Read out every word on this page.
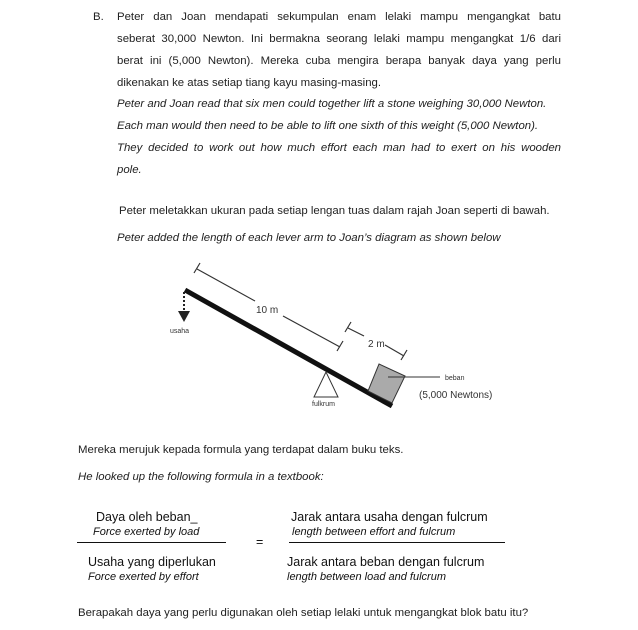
B. Peter dan Joan mendapati sekumpulan enam lelaki mampu mengangkat batu
seberat 30,000 Newton. Ini bermakna seorang lelaki mampu mengangkat 1/6 dari
berat ini (5,000 Newton). Mereka cuba mengira berapa banyak daya yang perlu
dikenakan ke atas setiap tiang kayu masing-masing.
Peter and Joan read that six men could together lift a stone weighing 30,000 Newton.
Each man would then need to be able to lift one sixth of this weight (5,000 Newton).
They decided to work out how much effort each man had to exert on his wooden
pole.
Peter meletakkan ukuran pada setiap lengan tuas dalam rajah Joan seperti di bawah.
Peter added the length of each lever arm to Joan’s diagram as shown below
10 m
2 m
usaha
fulkrum
beban
(5,000 Newtons)
Mereka merujuk kepada formula yang terdapat dalam buku teks.
He looked up the following formula in a textbook:
Daya oleh beban_
Force exerted by load
Usaha yang diperlukan
Force exerted by effort
=
Jarak antara usaha dengan fulcrum
length between effort and fulcrum
Jarak antara beban dengan fulcrum
length between load and fulcrum
Berapakah daya yang perlu digunakan oleh setiap lelaki untuk mengangkat blok batu itu?
